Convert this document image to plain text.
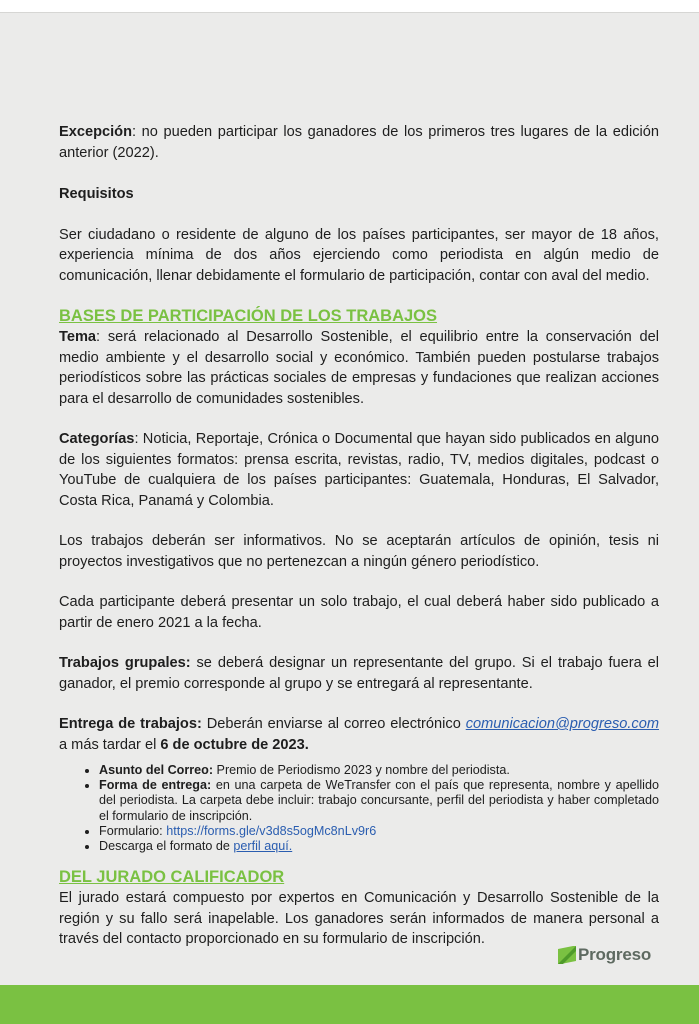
Excepción: no pueden participar los ganadores de los primeros tres lugares de la edición anterior (2022).

Requisitos

Ser ciudadano o residente de alguno de los países participantes, ser mayor de 18 años, experiencia mínima de dos años ejerciendo como periodista en algún medio de comunicación, llenar debidamente el formulario de participación, contar con aval del medio.

BASES DE PARTICIPACIÓN DE LOS TRABAJOS

Tema: será relacionado al Desarrollo Sostenible, el equilibrio entre la conservación del medio ambiente y el desarrollo social y económico. También pueden postularse trabajos periodísticos sobre las prácticas sociales de empresas y fundaciones que realizan acciones para el desarrollo de comunidades sostenibles.

Categorías: Noticia, Reportaje, Crónica o Documental que hayan sido publicados en alguno de los siguientes formatos: prensa escrita, revistas, radio, TV, medios digitales, podcast o YouTube de cualquiera de los países participantes: Guatemala, Honduras, El Salvador, Costa Rica, Panamá y Colombia.

Los trabajos deberán ser informativos. No se aceptarán artículos de opinión, tesis ni proyectos investigativos que no pertenezcan a ningún género periodístico.

Cada participante deberá presentar un solo trabajo, el cual deberá haber sido publicado a partir de enero 2021 a la fecha.

Trabajos grupales: se deberá designar un representante del grupo. Si el trabajo fuera el ganador, el premio corresponde al grupo y se entregará al representante.

Entrega de trabajos: Deberán enviarse al correo electrónico comunicacion@progreso.com a más tardar el 6 de octubre de 2023.

• Asunto del Correo: Premio de Periodismo 2023 y nombre del periodista.
• Forma de entrega: en una carpeta de WeTransfer con el país que representa, nombre y apellido del periodista. La carpeta debe incluir: trabajo concursante, perfil del periodista y haber completado el formulario de inscripción.
• Formulario: https://forms.gle/v3d8s5ogMc8nLv9r6
• Descarga el formato de perfil aquí.

DEL JURADO CALIFICADOR

El jurado estará compuesto por expertos en Comunicación y Desarrollo Sostenible de la región y su fallo será inapelable. Los ganadores serán informados de manera personal a través del contacto proporcionado en su formulario de inscripción.

Progreso
